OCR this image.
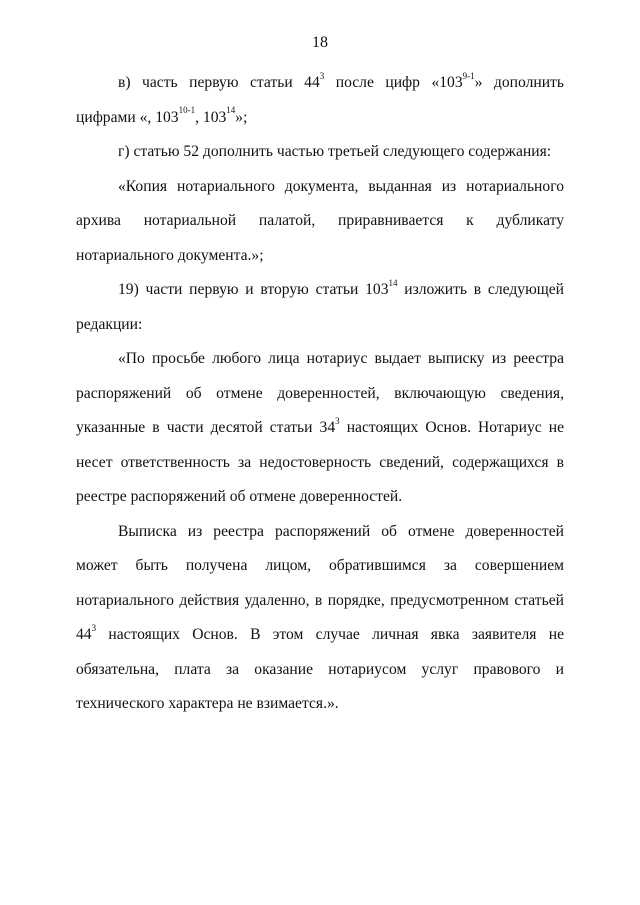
18

в) часть первую статьи $44^3$ после цифр «103$^{9-1}$» дополнить цифрами «, 103$^{10-1}$, $103^{14}$»;

г) статью 52 дополнить частью третьей следующего содержания:

«Копия нотариального документа, выданная из нотариального архива нотариальной палатой, приравнивается к дубликату нотариального документа.»;

19) части первую и вторую статьи $103^{14}$ изложить в следующей редакции:

«По просьбе любого лица нотариус выдает выписку из реестра распоряжений об отмене доверенностей, включающую сведения, указанные в части десятой статьи $34^3$ настоящих Основ. Нотариус не несет ответственность за недостоверность сведений, содержащихся в реестре распоряжений об отмене доверенностей.

Выписка из реестра распоряжений об отмене доверенностей может быть получена лицом, обратившимся за совершением нотариального действия удаленно, в порядке, предусмотренном статьей $44^3$ настоящих Основ. В этом случае личная явка заявителя не обязательна, плата за оказание нотариусом услуг правового и технического характера не взимается.».
